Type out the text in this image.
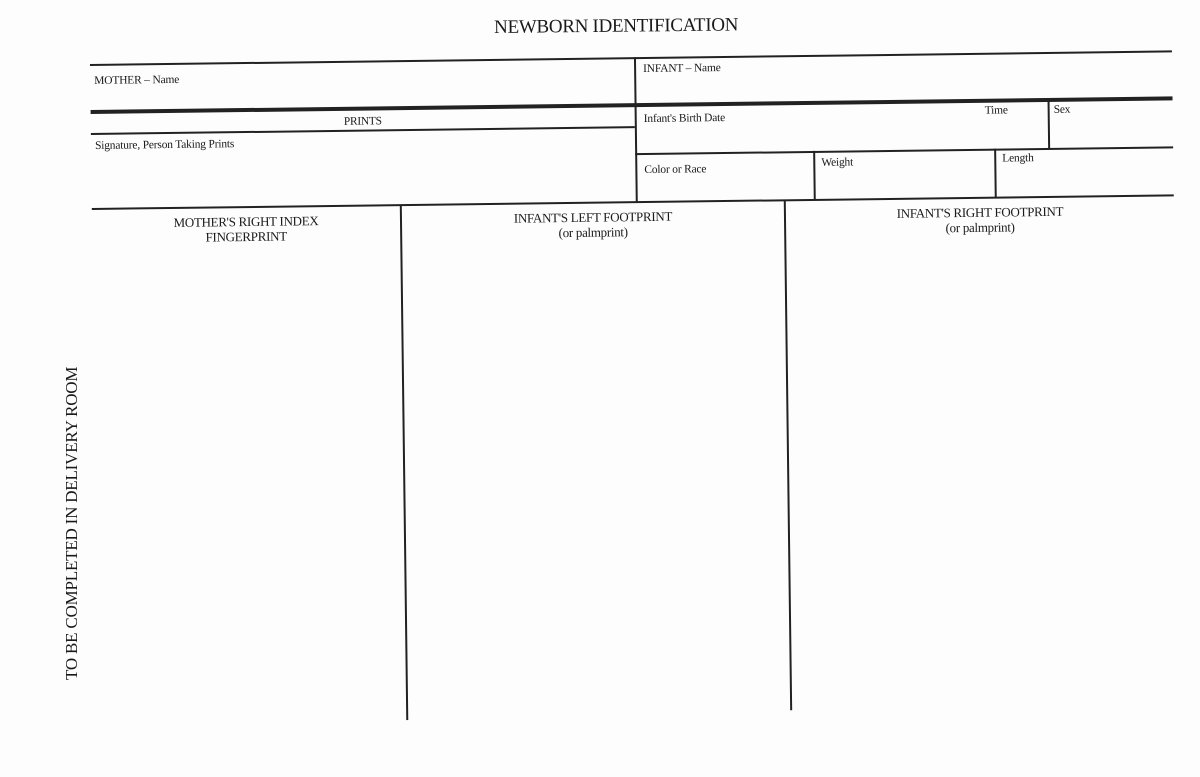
NEWBORN IDENTIFICATION
TO BE COMPLETED IN DELIVERY ROOM
MOTHER – Name
INFANT – Name
PRINTS
Signature, Person Taking Prints
Infant's Birth Date
Time	Sex
Color or Race
Weight	Length
MOTHER'S RIGHT INDEX
FINGERPRINT
INFANT'S LEFT FOOTPRINT
(or palmprint)
INFANT'S RIGHT FOOTPRINT
(or palmprint)
